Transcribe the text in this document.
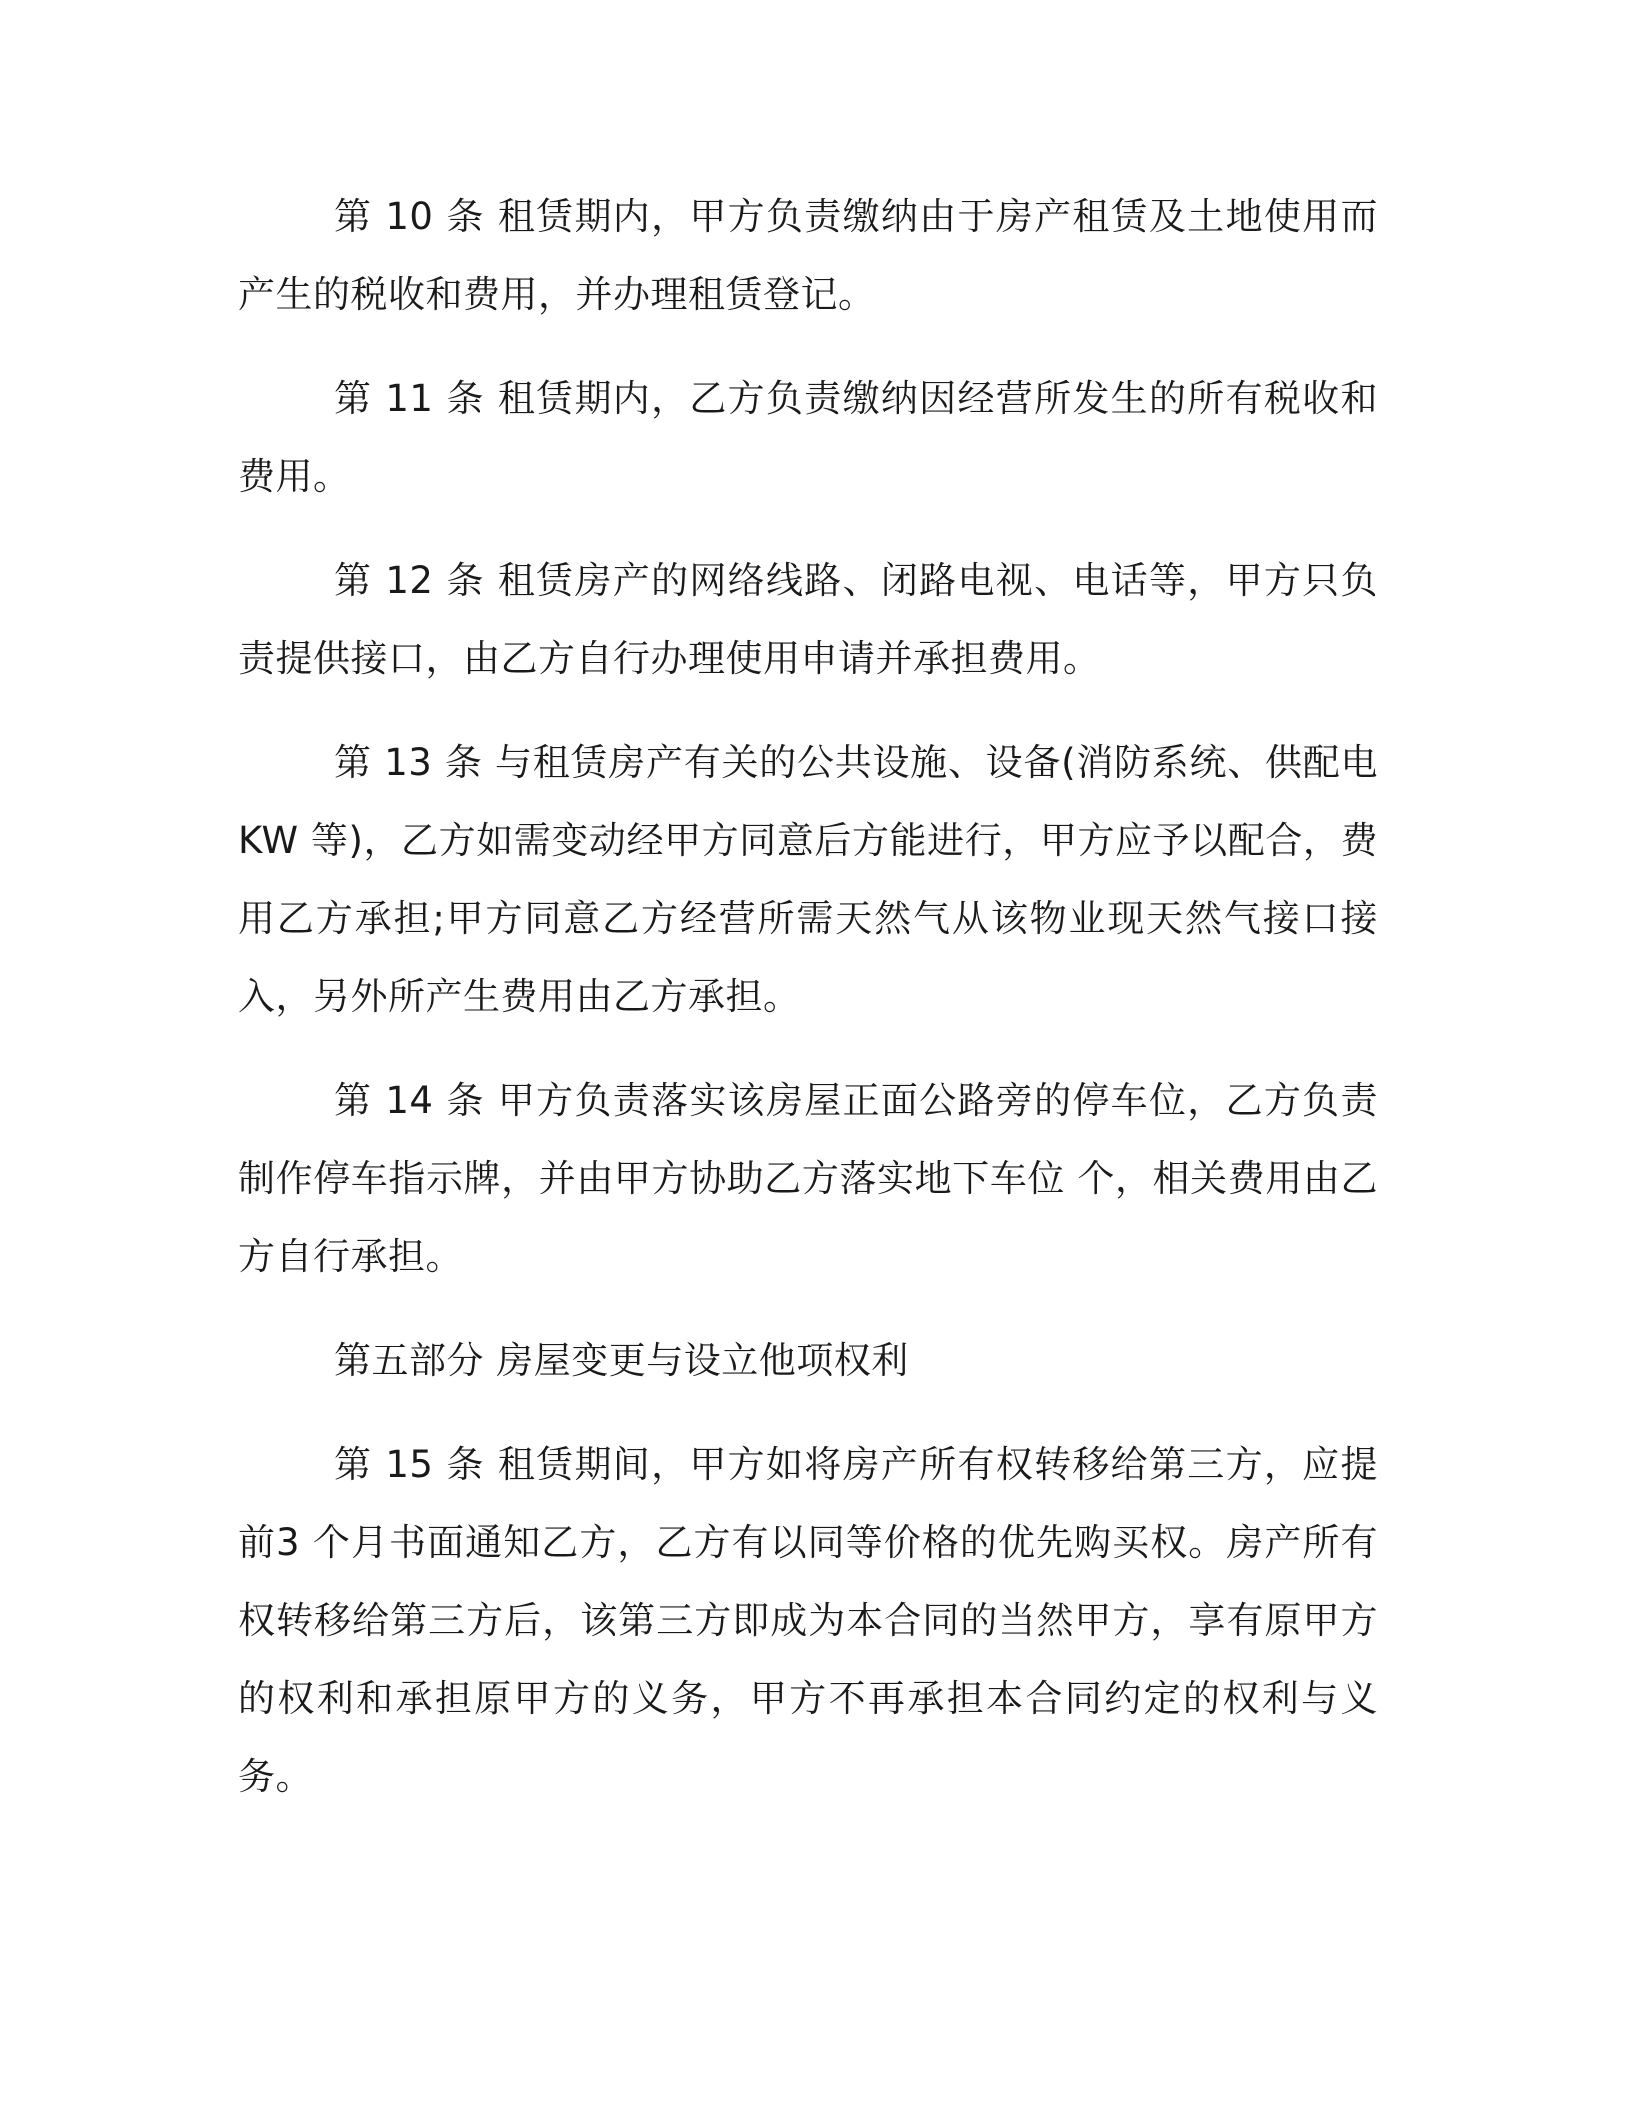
第 10 条 租赁期内，甲方负责缴纳由于房产租赁及土地使用而产生的税收和费用，并办理租赁登记。

第 11 条 租赁期内，乙方负责缴纳因经营所发生的所有税收和费用。

第 12 条 租赁房产的网络线路、闭路电视、电话等，甲方只负责提供接口，由乙方自行办理使用申请并承担费用。

第 13 条 与租赁房产有关的公共设施、设备(消防系统、供配电KW 等)，乙方如需变动经甲方同意后方能进行，甲方应予以配合，费用乙方承担;甲方同意乙方经营所需天然气从该物业现天然气接口接入，另外所产生费用由乙方承担。

第 14 条 甲方负责落实该房屋正面公路旁的停车位，乙方负责制作停车指示牌，并由甲方协助乙方落实地下车位 个，相关费用由乙方自行承担。

第五部分 房屋变更与设立他项权利

第 15 条 租赁期间，甲方如将房产所有权转移给第三方，应提前3 个月书面通知乙方，乙方有以同等价格的优先购买权。房产所有权转移给第三方后，该第三方即成为本合同的当然甲方，享有原甲方的权利和承担原甲方的义务，甲方不再承担本合同约定的权利与义务。
